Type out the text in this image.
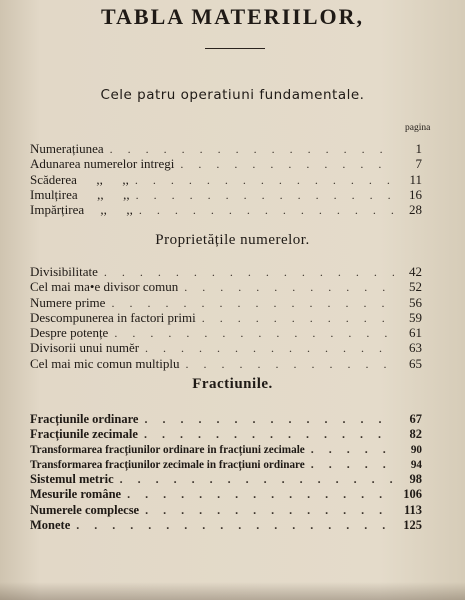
TABLA MATERIILOR,
Cele patru operatiuni fundamentale.
pagina
Numerațiunea . . .	1
Adunarea numerelor intregi . . .	7
Scăderea      ,,      ,, . . .	11
Imulțirea      ,,      ,, . . .	16
Impărțirea     ,,      ,, . . .	28
Proprietățile numerelor.
Divisibilitate . . .	42
Cel mai ma•e divisor comun . . .	52
Numere prime . . .	56
Descompunerea in factori primi . . .	59
Despre potențe . . .	61
Divisorii unui numĕr . . .	63
Cel mai mic comun multiplu . . .	65
Fractiunile.
Fracțiunile ordinare . . .	67
Fracțiunile zecimale . . .	82
Transformarea fracțiunilor ordinare in fracțiuni zecimale . . .	90
Transformarea fracțiunilor zecimale in fracțiuni ordinare . . .	94
Sistemul metric . . .	98
Mesurile române . . .	106
Numerele complecse . . .	113
Monete . . .	125
